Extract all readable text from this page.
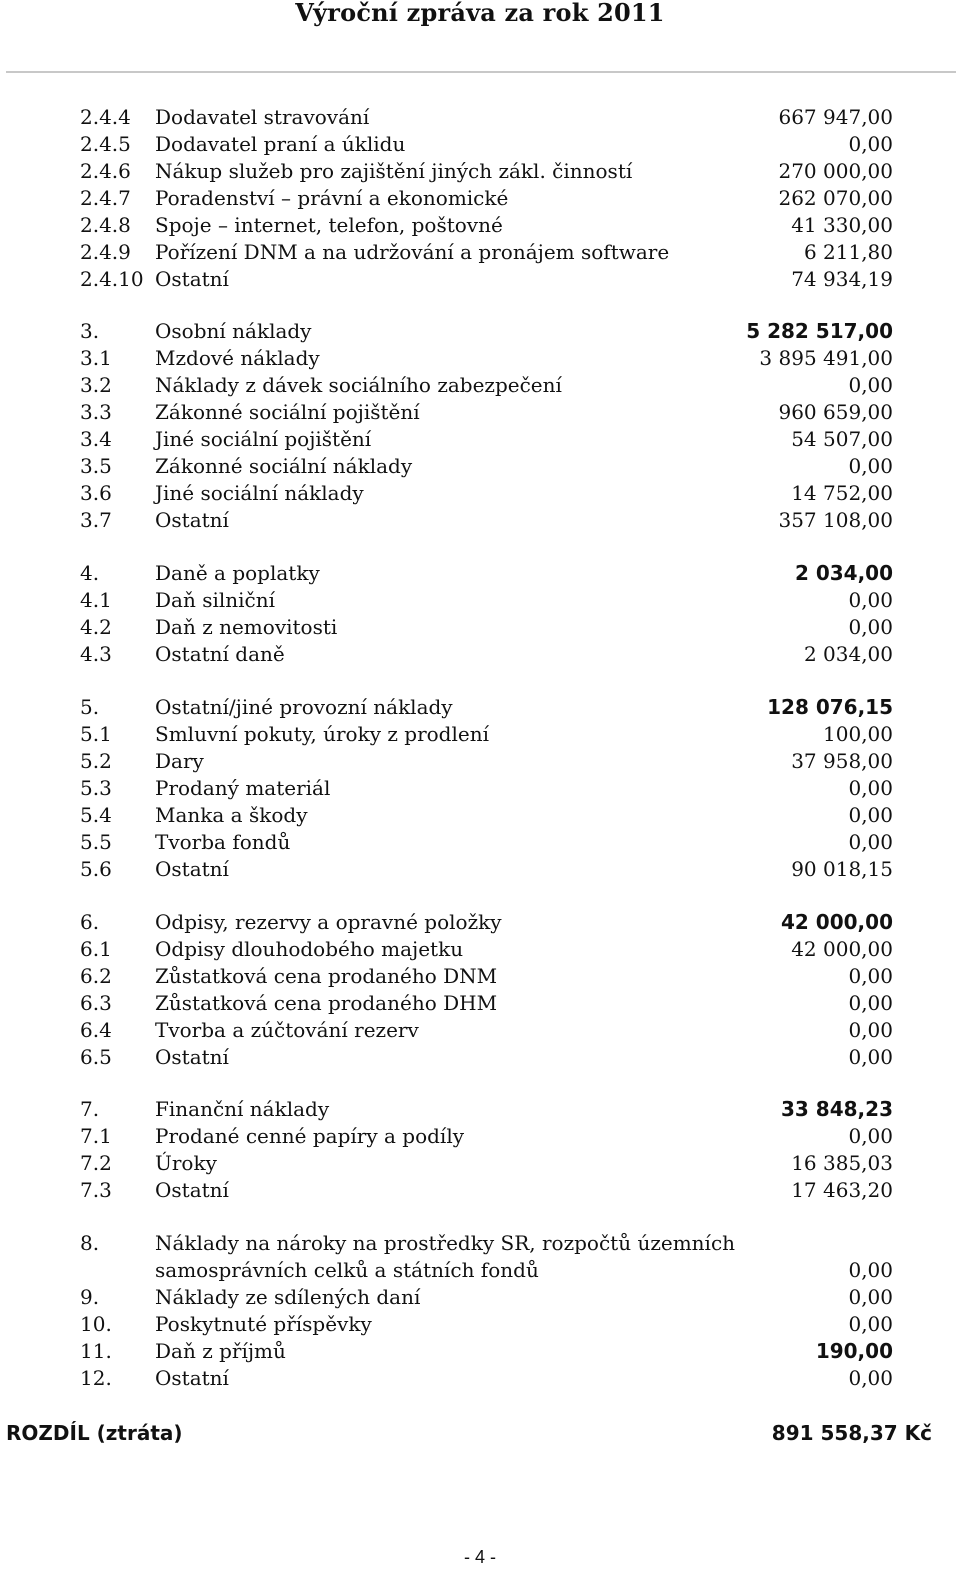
Výroční zpráva za rok 2011
2.4.4 Dodavatel stravování	667 947,00
2.4.5 Dodavatel praní a úklidu	0,00
2.4.6 Nákup služeb pro zajištění jiných zákl. činností	270 000,00
2.4.7 Poradenství – právní a ekonomické	262 070,00
2.4.8 Spoje – internet, telefon, poštovné	41 330,00
2.4.9 Pořízení DNM a na udržování a pronájem software	6 211,80
2.4.10 Ostatní	74 934,19
3.	Osobní náklady	5 282 517,00
3.1 Mzdové náklady	3 895 491,00
3.2 Náklady z dávek sociálního zabezpečení	0,00
3.3 Zákonné sociální pojištění	960 659,00
3.4 Jiné sociální pojištění	54 507,00
3.5 Zákonné sociální náklady	0,00
3.6 Jiné sociální náklady	14 752,00
3.7 Ostatní	357 108,00
4.	Daně a poplatky	2 034,00
4.1 Daň silniční	0,00
4.2 Daň z nemovitosti	0,00
4.3 Ostatní daně	2 034,00
5.	Ostatní/jiné provozní náklady	128 076,15
5.1 Smluvní pokuty, úroky z prodlení	100,00
5.2 Dary	37 958,00
5.3 Prodaný materiál	0,00
5.4 Manka a škody	0,00
5.5 Tvorba fondů	0,00
5.6 Ostatní	90 018,15
6.	Odpisy, rezervy a opravné položky	42 000,00
6.1 Odpisy dlouhodobého majetku	42 000,00
6.2 Zůstatková cena prodaného DNM	0,00
6.3 Zůstatková cena prodaného DHM	0,00
6.4 Tvorba a zúčtování rezerv	0,00
6.5 Ostatní	0,00
7.	Finanční náklady	33 848,23
7.1 Prodané cenné papíry a podíly	0,00
7.2 Úroky	16 385,03
7.3 Ostatní	17 463,20
8.	Náklady na nároky na prostředky SR, rozpočtů územních
samosprávních celků a státních fondů	0,00
9.	Náklady ze sdílených daní	0,00
10. Poskytnuté příspěvky	0,00
11. Daň z příjmů	190,00
12. Ostatní	0,00
ROZDÍL (ztráta)	891 558,37 Kč
- 4 -
